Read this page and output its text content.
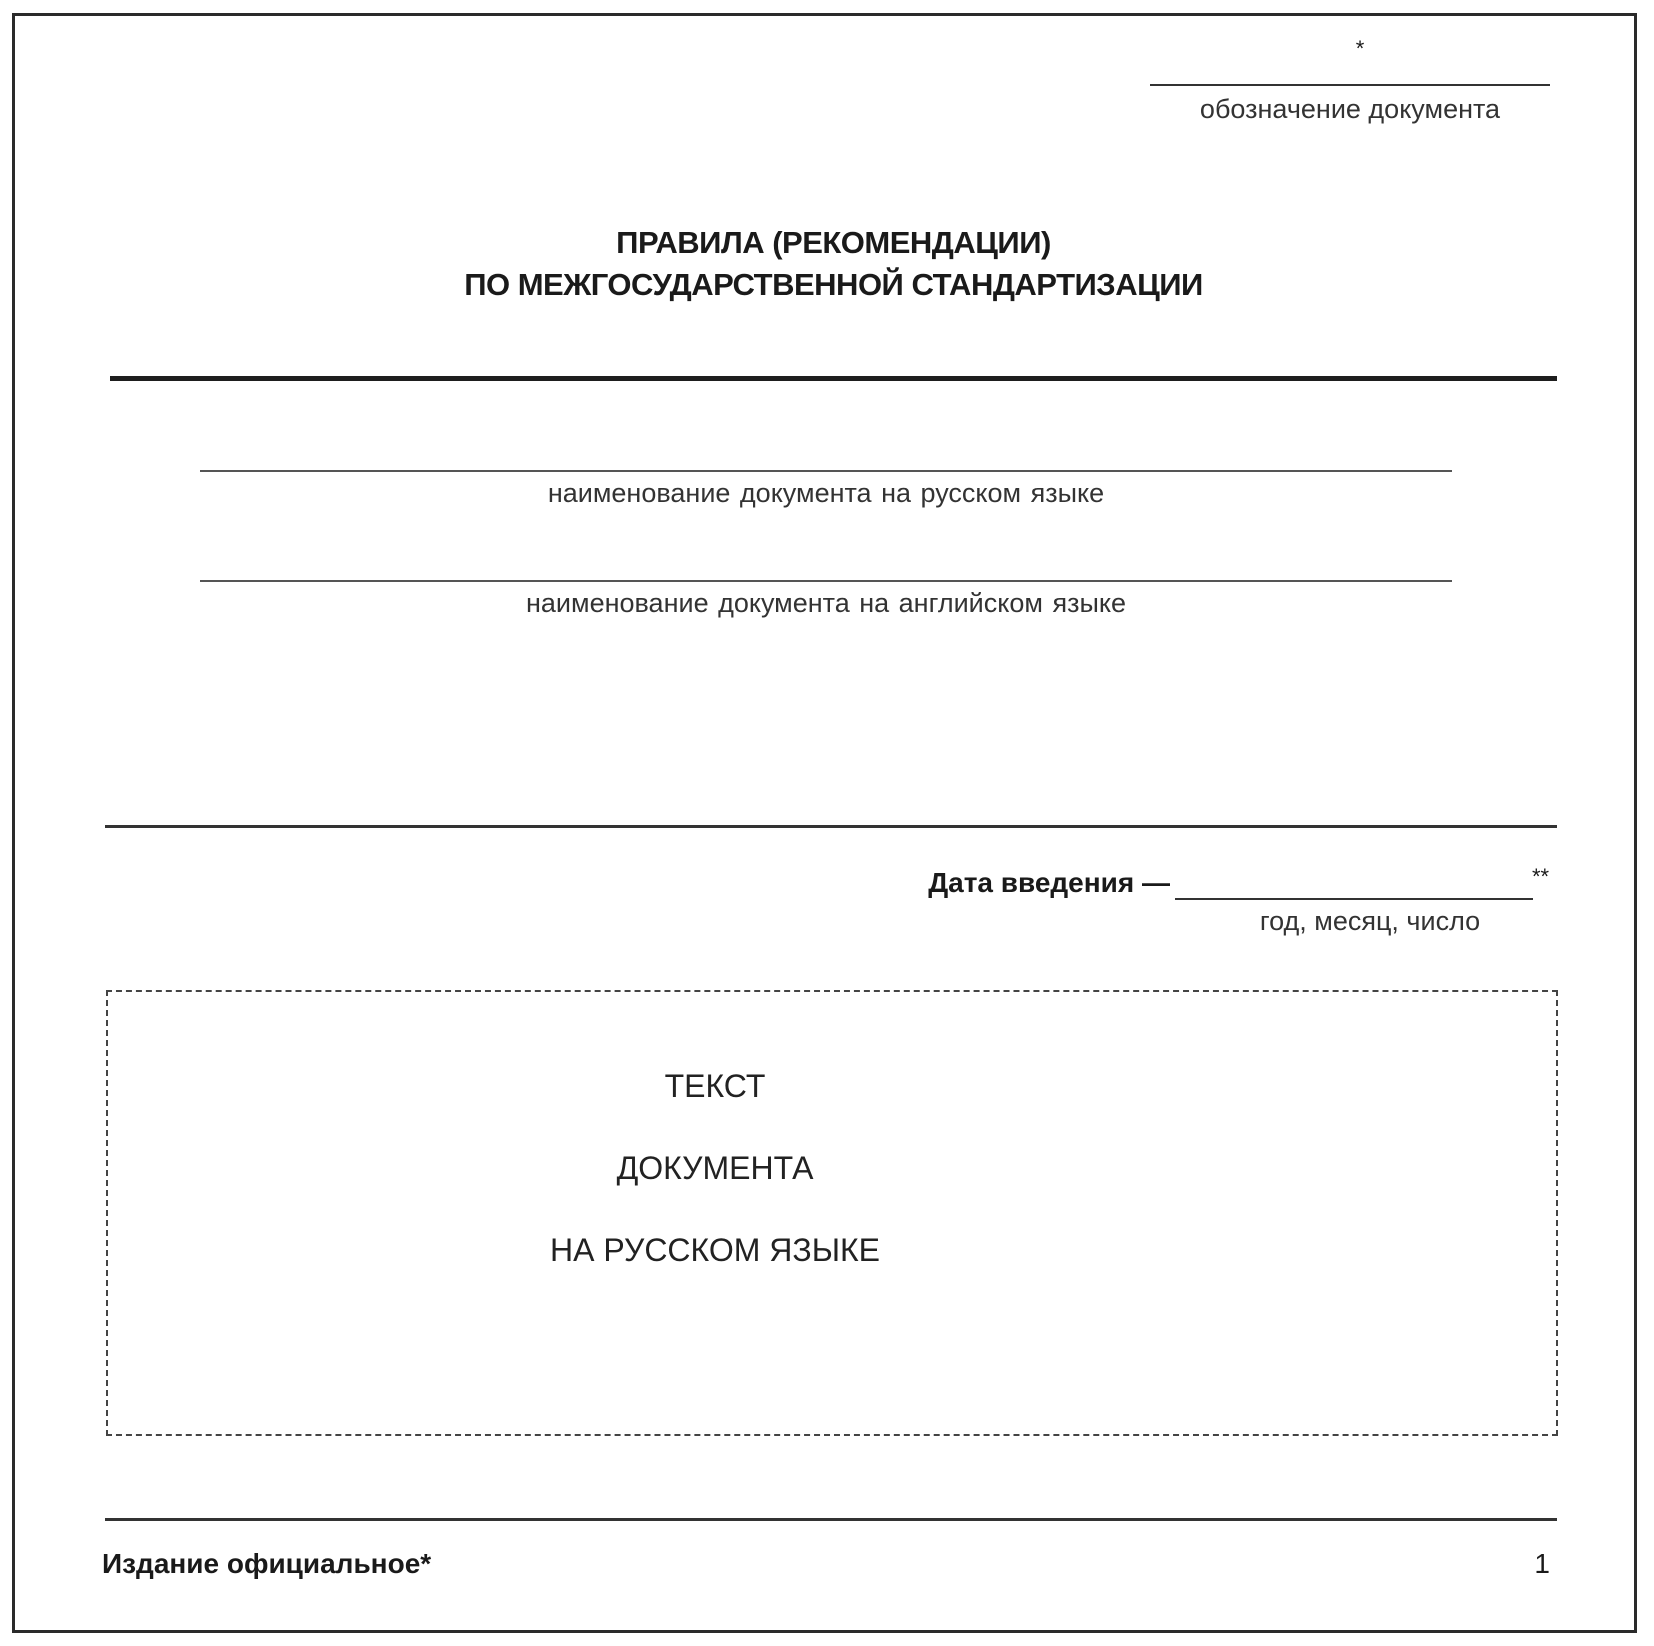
*
обозначение документа
ПРАВИЛА (РЕКОМЕНДАЦИИ)
ПО МЕЖГОСУДАРСТВЕННОЙ СТАНДАРТИЗАЦИИ
наименование документа на русском языке
наименование документа на английском языке
Дата введения —	**
год, месяц, число
ТЕКСТ
ДОКУМЕНТА
НА РУССКОМ ЯЗЫКЕ
Издание официальное*	1
